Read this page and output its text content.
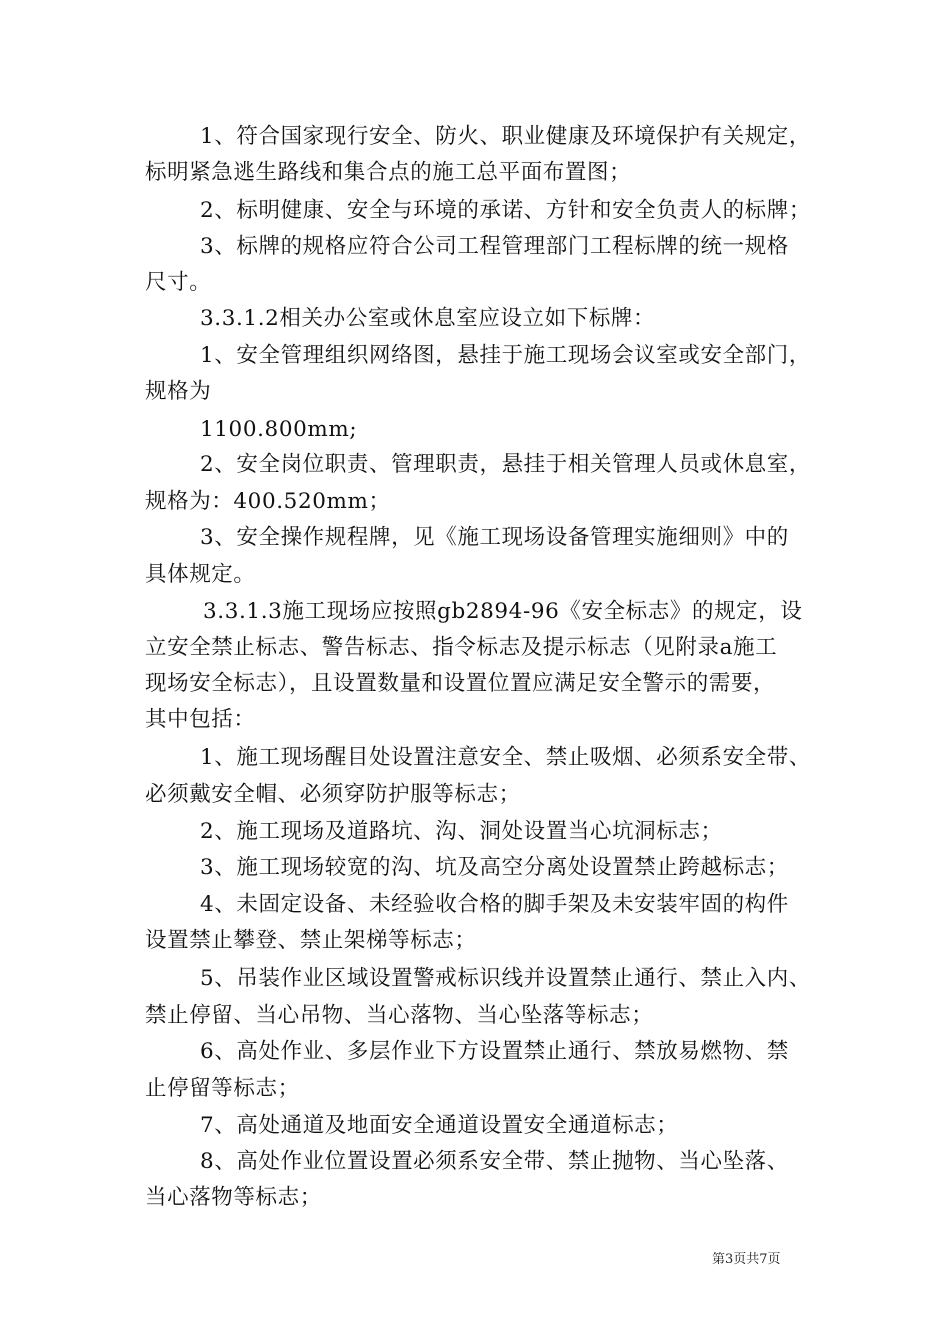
1、符合国家现行安全、防火、职业健康及环境保护有关规定，
标明紧急逃生路线和集合点的施工总平面布置图；
2、标明健康、安全与环境的承诺、方针和安全负责人的标牌；
3、标牌的规格应符合公司工程管理部门工程标牌的统一规格
尺寸。
3.3.1.2相关办公室或休息室应设立如下标牌：
1、安全管理组织网络图，悬挂于施工现场会议室或安全部门，
规格为
1100.800mm;
2、安全岗位职责、管理职责，悬挂于相关管理人员或休息室，
规格为：400.520mm；
3、安全操作规程牌，见《施工现场设备管理实施细则》中的
具体规定。
3.3.1.3施工现场应按照gb2894-96《安全标志》的规定，设
立安全禁止标志、警告标志、指令标志及提示标志（见附录a施工
现场安全标志），且设置数量和设置位置应满足安全警示的需要，
其中包括：
1、施工现场醒目处设置注意安全、禁止吸烟、必须系安全带、
必须戴安全帽、必须穿防护服等标志；
2、施工现场及道路坑、沟、洞处设置当心坑洞标志；
3、施工现场较宽的沟、坑及高空分离处设置禁止跨越标志；
4、未固定设备、未经验收合格的脚手架及未安装牢固的构件
设置禁止攀登、禁止架梯等标志；
5、吊装作业区域设置警戒标识线并设置禁止通行、禁止入内、
禁止停留、当心吊物、当心落物、当心坠落等标志；
6、高处作业、多层作业下方设置禁止通行、禁放易燃物、禁
止停留等标志；
7、高处通道及地面安全通道设置安全通道标志；
8、高处作业位置设置必须系安全带、禁止抛物、当心坠落、
当心落物等标志；
第3页共7页
